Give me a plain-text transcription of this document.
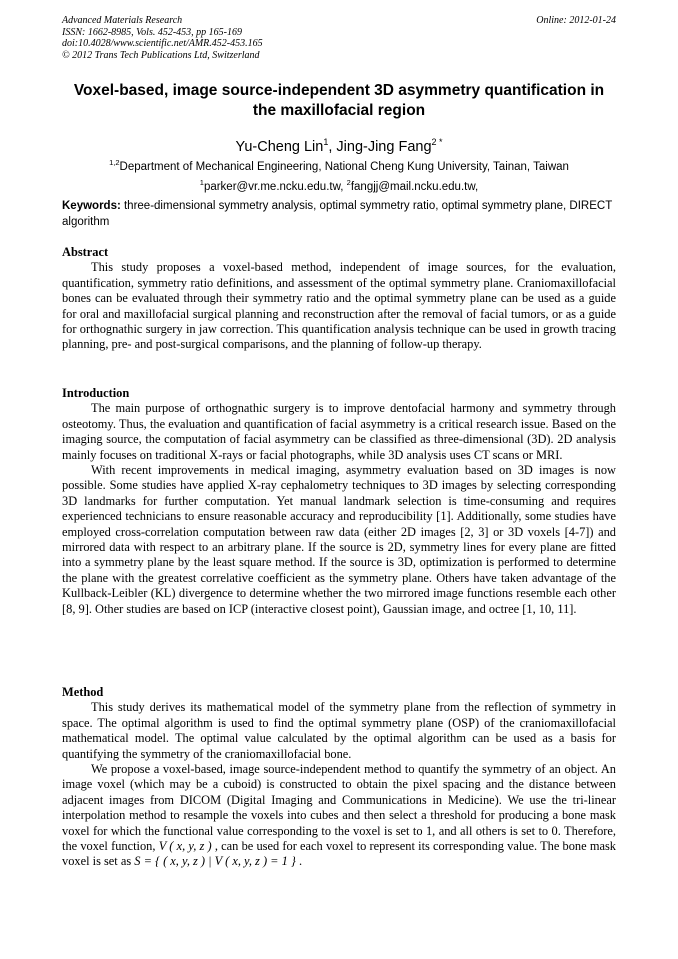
Advanced Materials Research
ISSN: 1662-8985, Vols. 452-453, pp 165-169
doi:10.4028/www.scientific.net/AMR.452-453.165
© 2012 Trans Tech Publications Ltd, Switzerland
Online: 2012-01-24
Voxel-based, image source-independent 3D asymmetry quantification in the maxillofacial region
Yu-Cheng Lin$^1$, Jing-Jing Fang$^{2 *}$
$^{1,2}$Department of Mechanical Engineering, National Cheng Kung University, Tainan, Taiwan
$^1$parker@vr.me.ncku.edu.tw, $^2$fangjj@mail.ncku.edu.tw,
Keywords: three-dimensional symmetry analysis, optimal symmetry ratio, optimal symmetry plane, DIRECT algorithm
Abstract

This study proposes a voxel-based method, independent of image sources, for the evaluation, quantification, symmetry ratio definitions, and assessment of the optimal symmetry plane. Craniomaxillofacial bones can be evaluated through their symmetry ratio and the optimal symmetry plane can be used as a guide for oral and maxillofacial surgical planning and reconstruction after the removal of facial tumors, or as a guide for orthognathic surgery in jaw correction. This quantification analysis technique can be used in growth tracing planning, pre- and post-surgical comparisons, and the planning of follow-up therapy.

Introduction

The main purpose of orthognathic surgery is to improve dentofacial harmony and symmetry through osteotomy. Thus, the evaluation and quantification of facial asymmetry is a critical research issue. Based on the imaging source, the computation of facial asymmetry can be classified as three-dimensional (3D). 2D analysis mainly focuses on traditional X-rays or facial photographs, while 3D analysis uses CT scans or MRI.

With recent improvements in medical imaging, asymmetry evaluation based on 3D images is now possible. Some studies have applied X-ray cephalometry techniques to 3D images by selecting corresponding 3D landmarks for further computation. Yet manual landmark selection is time-consuming and requires experienced technicians to ensure reasonable accuracy and reproducibility [1]. Additionally, some studies have employed cross-correlation computation between raw data (either 2D images [2, 3] or 3D voxels [4-7]) and mirrored data with respect to an arbitrary plane. If the source is 2D, symmetry lines for every plane are fitted into a symmetry plane by the least square method. If the source is 3D, optimization is performed to determine the plane with the greatest correlative coefficient as the symmetry plane. Others have taken advantage of the Kullback-Leibler (KL) divergence to determine whether the two mirrored image functions resemble each other [8, 9]. Other studies are based on ICP (interactive closest point), Gaussian image, and octree [1, 10, 11].

Method

This study derives its mathematical model of the symmetry plane from the reflection of symmetry in space. The optimal algorithm is used to find the optimal symmetry plane (OSP) of the craniomaxillofacial mathematical model. The optimal value calculated by the optimal algorithm can be used as a basis for quantifying the symmetry of the craniomaxillofacial bone.

We propose a voxel-based, image source-independent method to quantify the symmetry of an object. An image voxel (which may be a cuboid) is constructed to obtain the pixel spacing and the distance between adjacent images from DICOM (Digital Imaging and Communications in Medicine). We use the tri-linear interpolation method to resample the voxels into cubes and then select a threshold for producing a bone mask voxel for which the functional value corresponding to the voxel is set to 1, and all others is set to 0. Therefore, the voxel function, V ( x, y, z ) , can be used for each voxel to represent its corresponding value. The bone mask voxel is set as S = { ( x, y, z ) | V ( x, y, z ) = 1 } .
